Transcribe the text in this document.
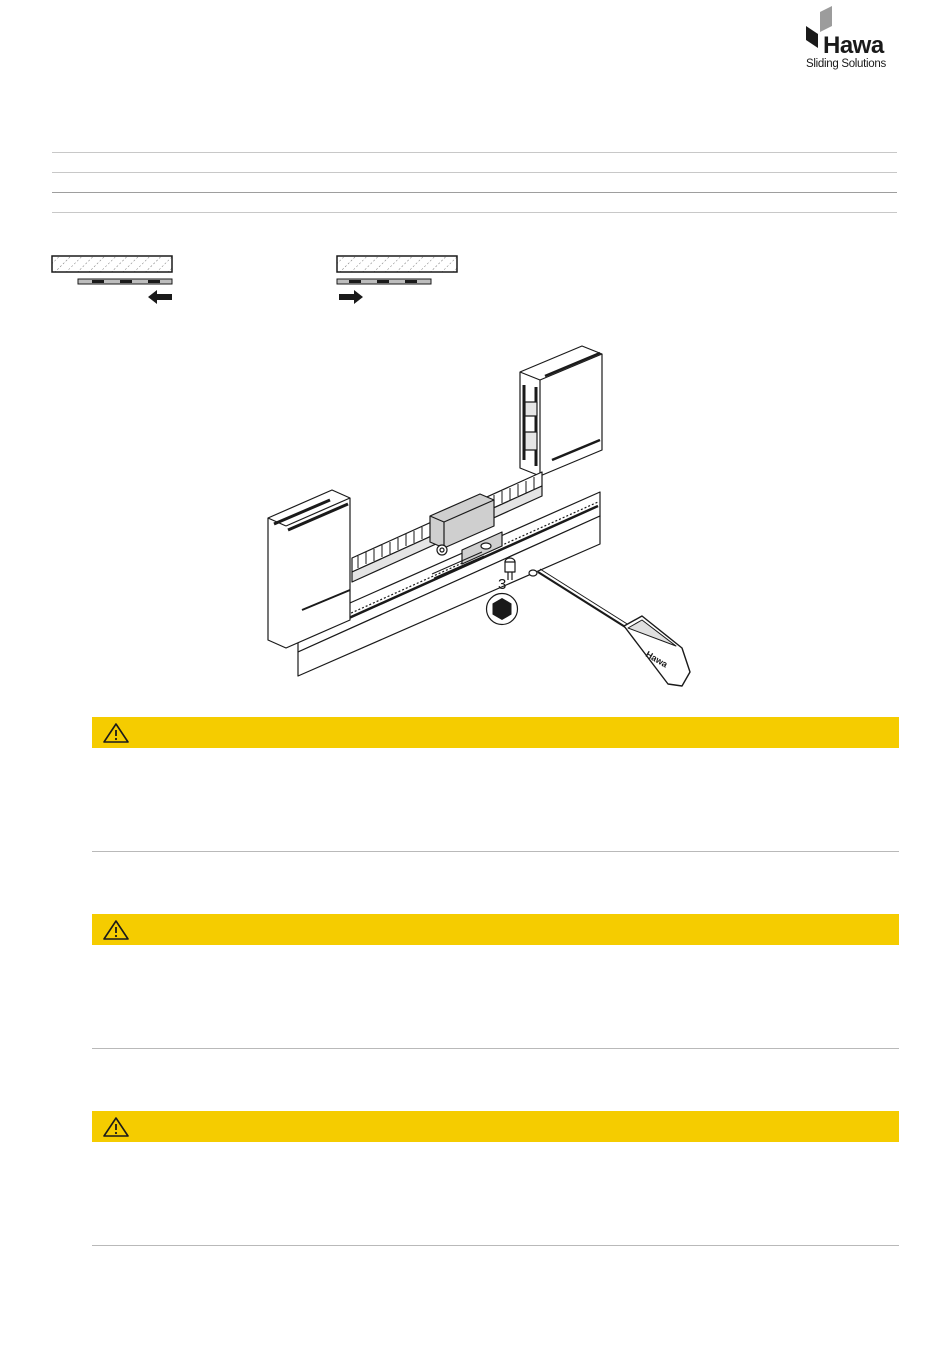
Hawa
Sliding Solutions
Hawa
3
